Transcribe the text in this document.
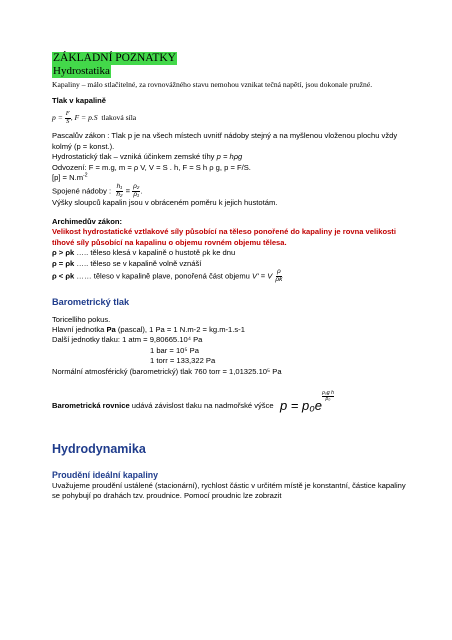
ZÁKLADNÍ POZNATKY

Hydrostatika

Kapaliny – málo stlačitelné, za rovnovážného stavu nemohou vznikat tečná napětí, jsou dokonale pružné.

Tlak v kapalině

$p = \frac{F}{S}$ , F = p.S tlaková síla

Pascalův zákon : Tlak p je na všech místech uvnitř nádoby stejný a na myšlenou vloženou plochu vždy kolmý (p = konst.).

Hydrostatický tlak – vzniká účinkem zemské tíhy p = hρg

Odvození: F = m.g, m = ρ V, V = S . h, F = S h ρ g, p = F/S.

$[p] = N.m^{-2}$

Spojené nádoby : $\frac{\text{h₁}}{\text{h₂}} = \frac{\text{ρ₂}}{\text{ρ₁}}$ .

Výšky sloupců kapalin jsou v obráceném poměru k jejich hustotám.

Archimedův zákon:

Velikost hydrostatické vztlakové síly působící na těleso ponořené do kapaliny je rovna velikosti tíhové síly působící na kapalinu o objemu rovném objemu tělesa.

ρ > ρk ….. těleso klesá v kapalině o hustotě ρk ke dnu

ρ = ρk ….. těleso se v kapalině volně vznáší

ρ < ρk …… těleso v kapalině plave, ponořená část objemu V' = V $\frac{\rho}{\rho k}$

Barometrický tlak

Toricelliho pokus.

Hlavní jednotka Pa (pascal), 1 Pa = 1 N.m-2 = kg.m-1.s-1

Další jednotky tlaku: 1 atm = 9,80665.10⁴ Pa

1 bar = 10⁵ Pa

1 torr = 133,322 Pa

Normální atmosférický (barometrický) tlak 760 torr = 1,01325.10⁵ Pa

Barometrická rovnice udává závislost tlaku na nadmořské výšce p = p₀e
$\frac{\text{ρ₀g h}}{\text{p₀}}$

Hydrodynamika

Proudění ideální kapaliny

Uvažujeme proudění ustálené (stacionární), rychlost částic v určitém místě je konstantní, částice kapaliny se pohybují po drahách tzv. proudnice. Pomocí proudnic lze zobrazit
